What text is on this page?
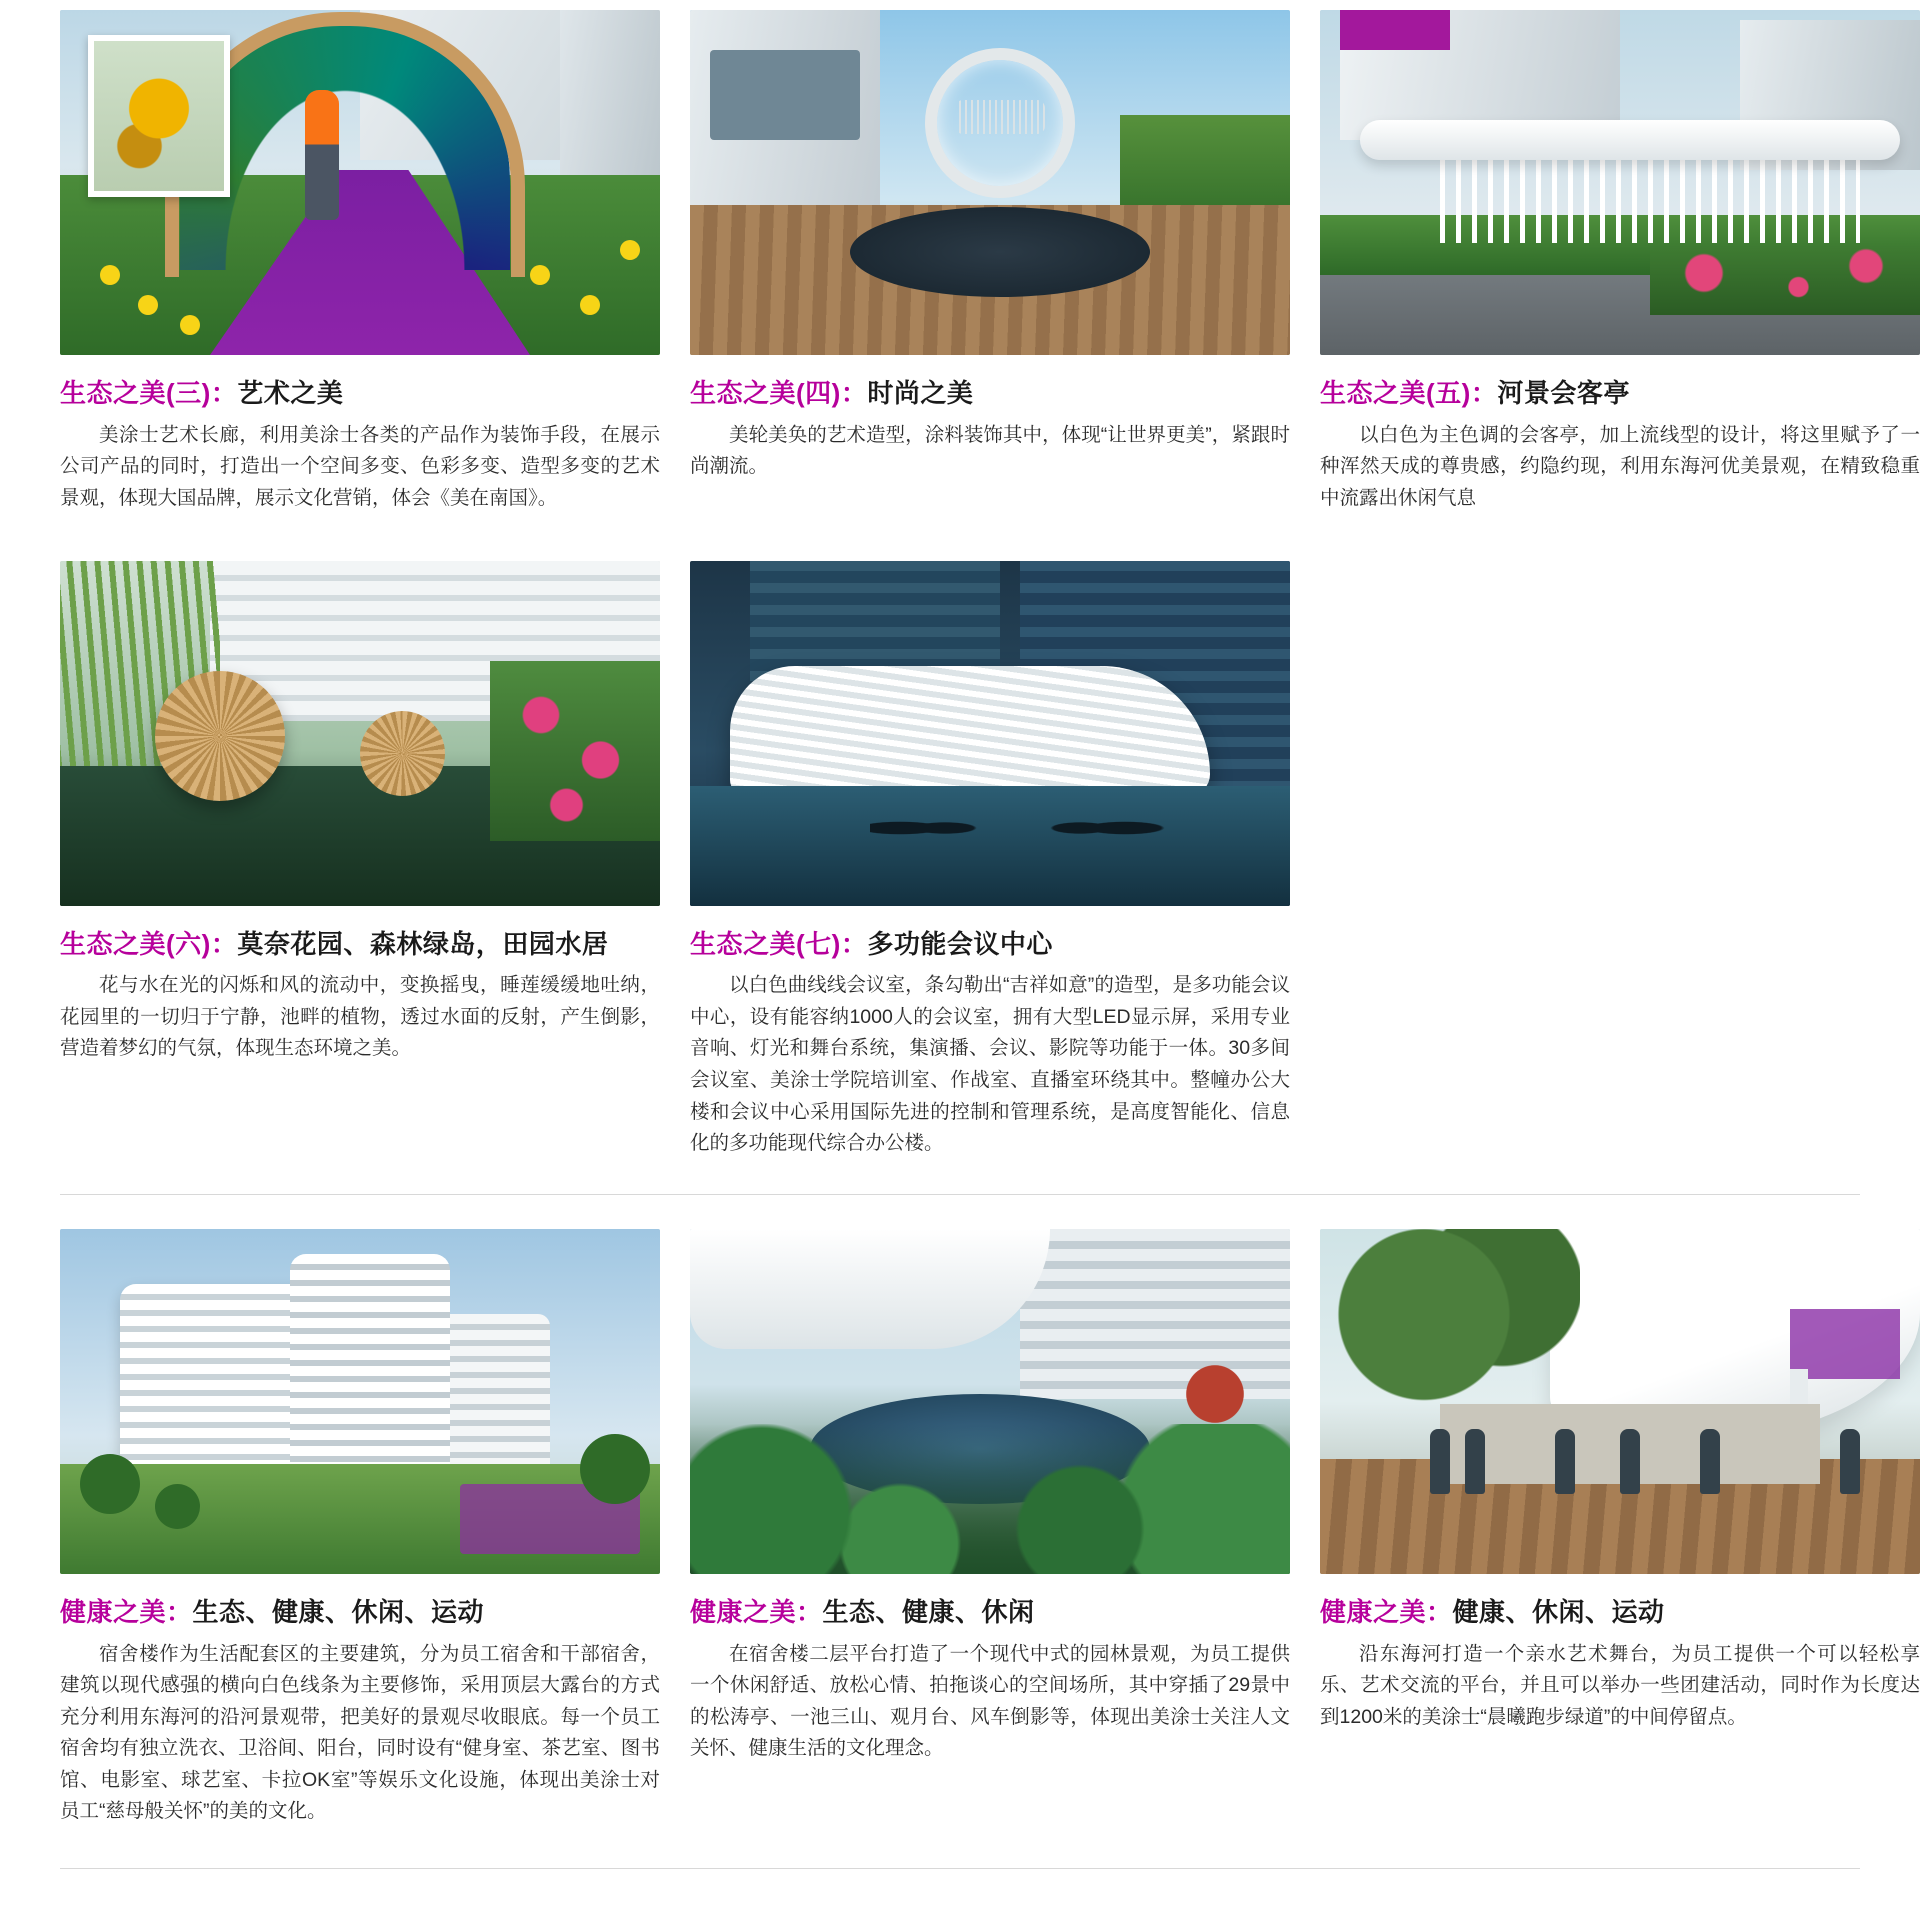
生态之美(三)：艺术之美
美涂士艺术长廊，利用美涂士各类的产品作为装饰手段，在展示公司产品的同时，打造出一个空间多变、色彩多变、造型多变的艺术景观，体现大国品牌，展示文化营销，体会《美在南国》。
生态之美(四)：时尚之美
美轮美奂的艺术造型，涂料装饰其中，体现“让世界更美”，紧跟时尚潮流。
生态之美(五)：河景会客亭
以白色为主色调的会客亭，加上流线型的设计，将这里赋予了一种浑然天成的尊贵感，约隐约现，利用东海河优美景观，在精致稳重中流露出休闲气息
生态之美(六)：莫奈花园、森林绿岛，田园水居
花与水在光的闪烁和风的流动中，变换摇曳，睡莲缓缓地吐纳，花园里的一切归于宁静，池畔的植物，透过水面的反射，产生倒影，营造着梦幻的气氛，体现生态环境之美。
生态之美(七)：多功能会议中心
以白色曲线线会议室，条勾勒出“吉祥如意”的造型，是多功能会议中心，设有能容纳1000人的会议室，拥有大型LED显示屏，采用专业音响、灯光和舞台系统，集演播、会议、影院等功能于一体。30多间会议室、美涂士学院培训室、作战室、直播室环绕其中。整幢办公大楼和会议中心采用国际先进的控制和管理系统，是高度智能化、信息化的多功能现代综合办公楼。
健康之美：生态、健康、休闲、运动
宿舍楼作为生活配套区的主要建筑，分为员工宿舍和干部宿舍，建筑以现代感强的横向白色线条为主要修饰，采用顶层大露台的方式充分利用东海河的沿河景观带，把美好的景观尽收眼底。每一个员工宿舍均有独立洗衣、卫浴间、阳台，同时设有“健身室、茶艺室、图书馆、电影室、球艺室、卡拉OK室”等娱乐文化设施，体现出美涂士对员工“慈母般关怀”的美的文化。
健康之美：生态、健康、休闲
在宿舍楼二层平台打造了一个现代中式的园林景观，为员工提供一个休闲舒适、放松心情、拍拖谈心的空间场所，其中穿插了29景中的松涛亭、一池三山、观月台、风车倒影等，体现出美涂士关注人文关怀、健康生活的文化理念。
健康之美：健康、休闲、运动
沿东海河打造一个亲水艺术舞台，为员工提供一个可以轻松享乐、艺术交流的平台，并且可以举办一些团建活动，同时作为长度达到1200米的美涂士“晨曦跑步绿道”的中间停留点。
